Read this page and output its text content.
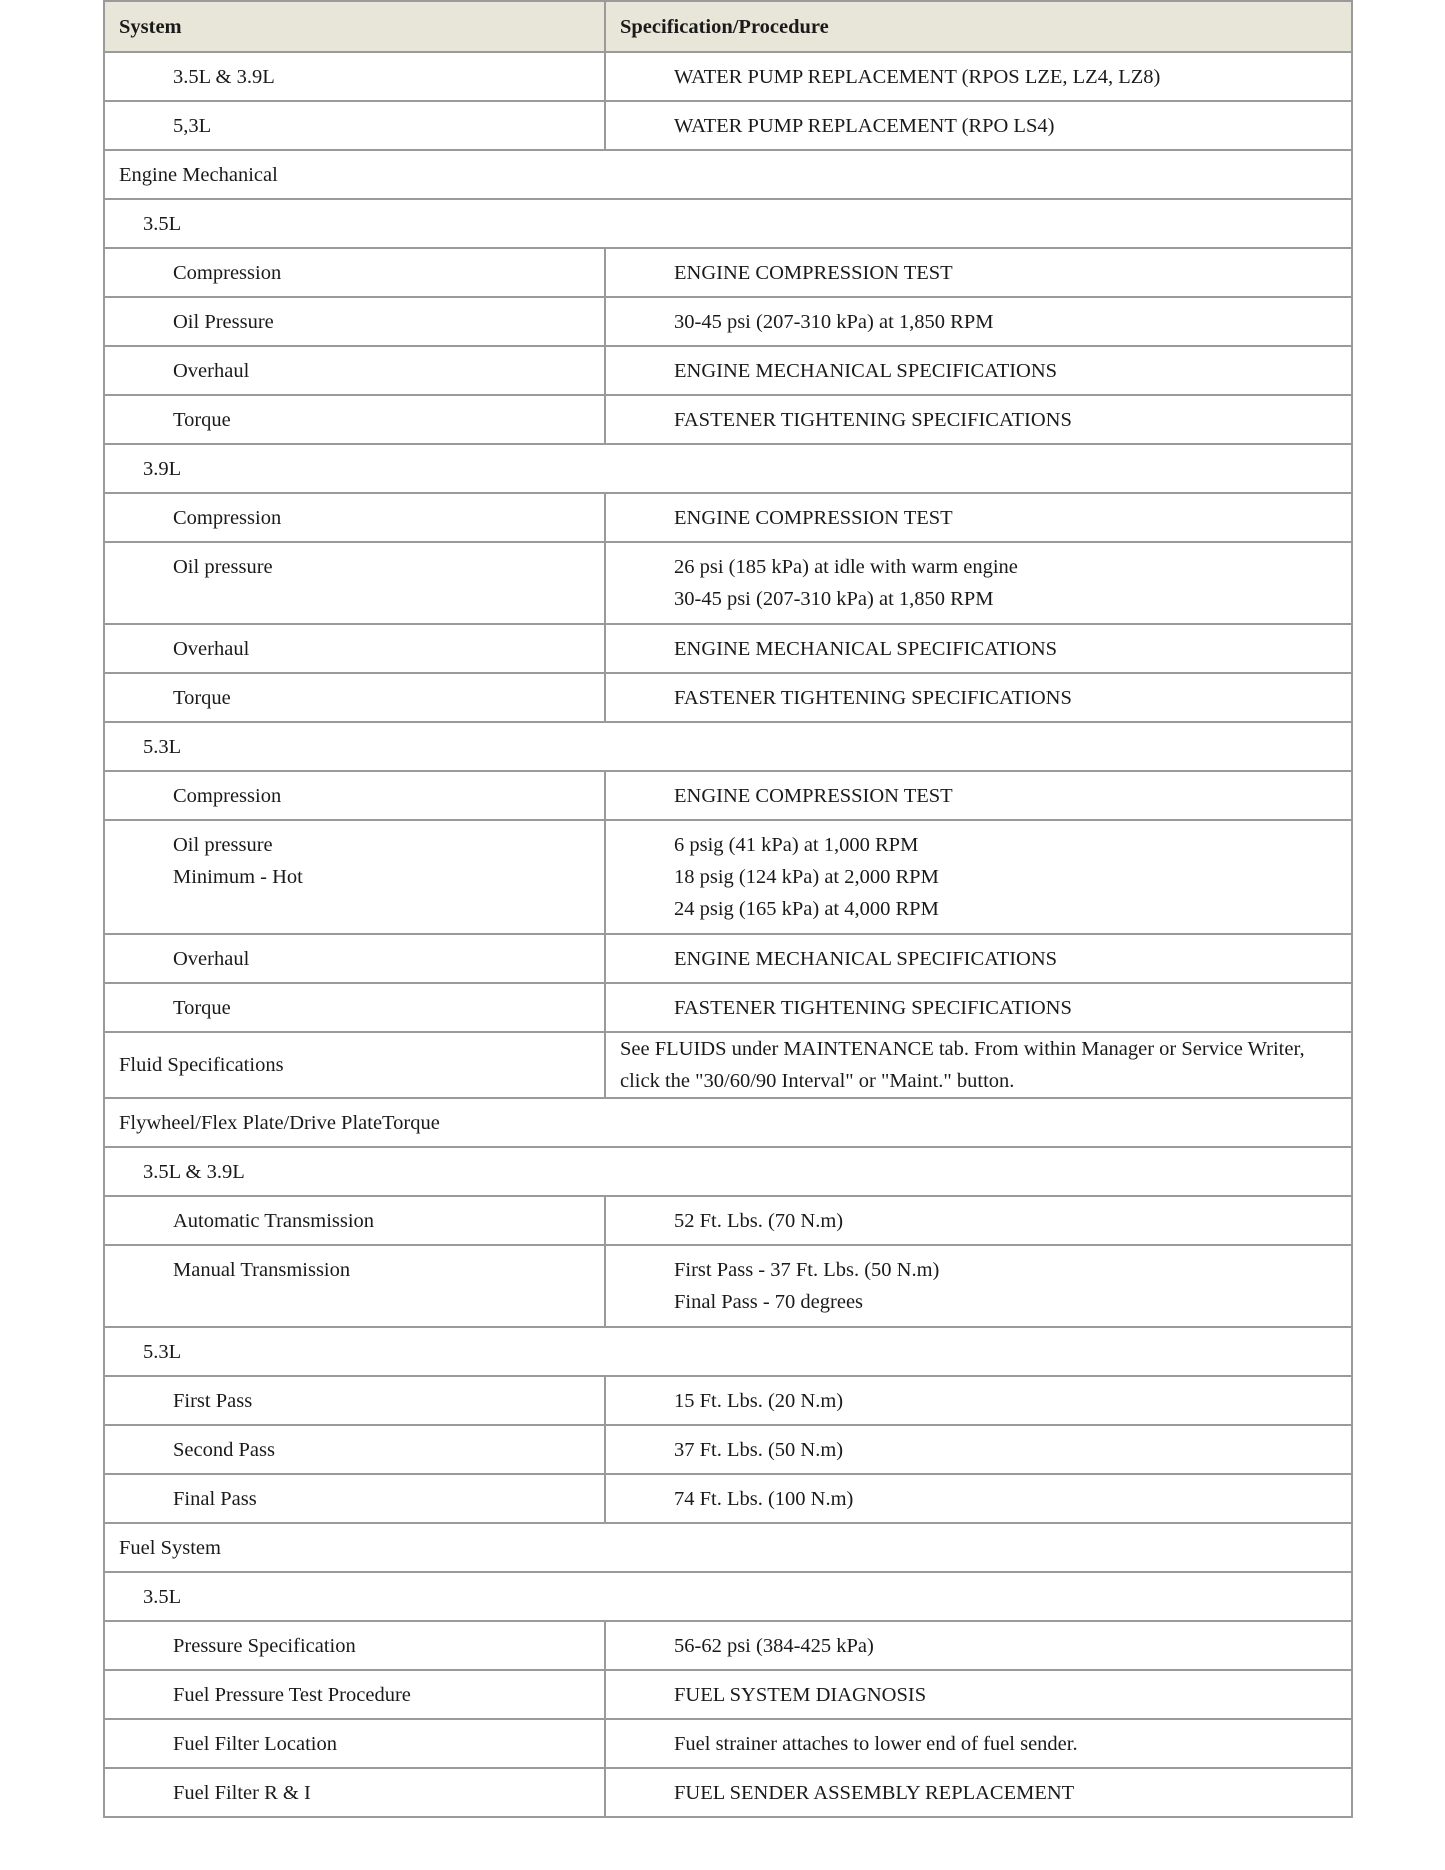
System	Specification/Procedure

3.5L & 3.9L	WATER PUMP REPLACEMENT (RPOS LZE, LZ4, LZ8)

5,3L	WATER PUMP REPLACEMENT (RPO LS4)

Engine Mechanical	
3.5L	

Compression	ENGINE COMPRESSION TEST

Oil Pressure	30-45 psi (207-310 kPa) at 1,850 RPM

Overhaul	ENGINE MECHANICAL SPECIFICATIONS

Torque	FASTENER TIGHTENING SPECIFICATIONS

3.9L	

Compression	ENGINE COMPRESSION TEST

Oil pressure	26 psi (185 kPa) at idle with warm engine
30-45 psi (207-310 kPa) at 1,850 RPM

Overhaul	ENGINE MECHANICAL SPECIFICATIONS

Torque	FASTENER TIGHTENING SPECIFICATIONS

5.3L	

Compression	ENGINE COMPRESSION TEST

Oil pressure
Minimum - Hot	6 psig (41 kPa) at 1,000 RPM
18 psig (124 kPa) at 2,000 RPM
24 psig (165 kPa) at 4,000 RPM

Overhaul	ENGINE MECHANICAL SPECIFICATIONS

Torque	FASTENER TIGHTENING SPECIFICATIONS

Fluid Specifications	See FLUIDS under MAINTENANCE tab. From within Manager or Service Writer, click the "30/60/90 Interval" or "Maint." button.

Flywheel/Flex Plate/Drive PlateTorque	
3.5L & 3.9L	

Automatic Transmission	52 Ft. Lbs. (70 N.m)

Manual Transmission	First Pass - 37 Ft. Lbs. (50 N.m)
Final Pass - 70 degrees

5.3L	

First Pass	15 Ft. Lbs. (20 N.m)

Second Pass	37 Ft. Lbs. (50 N.m)

Final Pass	74 Ft. Lbs. (100 N.m)

Fuel System	
3.5L	

Pressure Specification	56-62 psi (384-425 kPa)

Fuel Pressure Test Procedure	FUEL SYSTEM DIAGNOSIS

Fuel Filter Location	Fuel strainer attaches to lower end of fuel sender.

Fuel Filter R & I	FUEL SENDER ASSEMBLY REPLACEMENT
